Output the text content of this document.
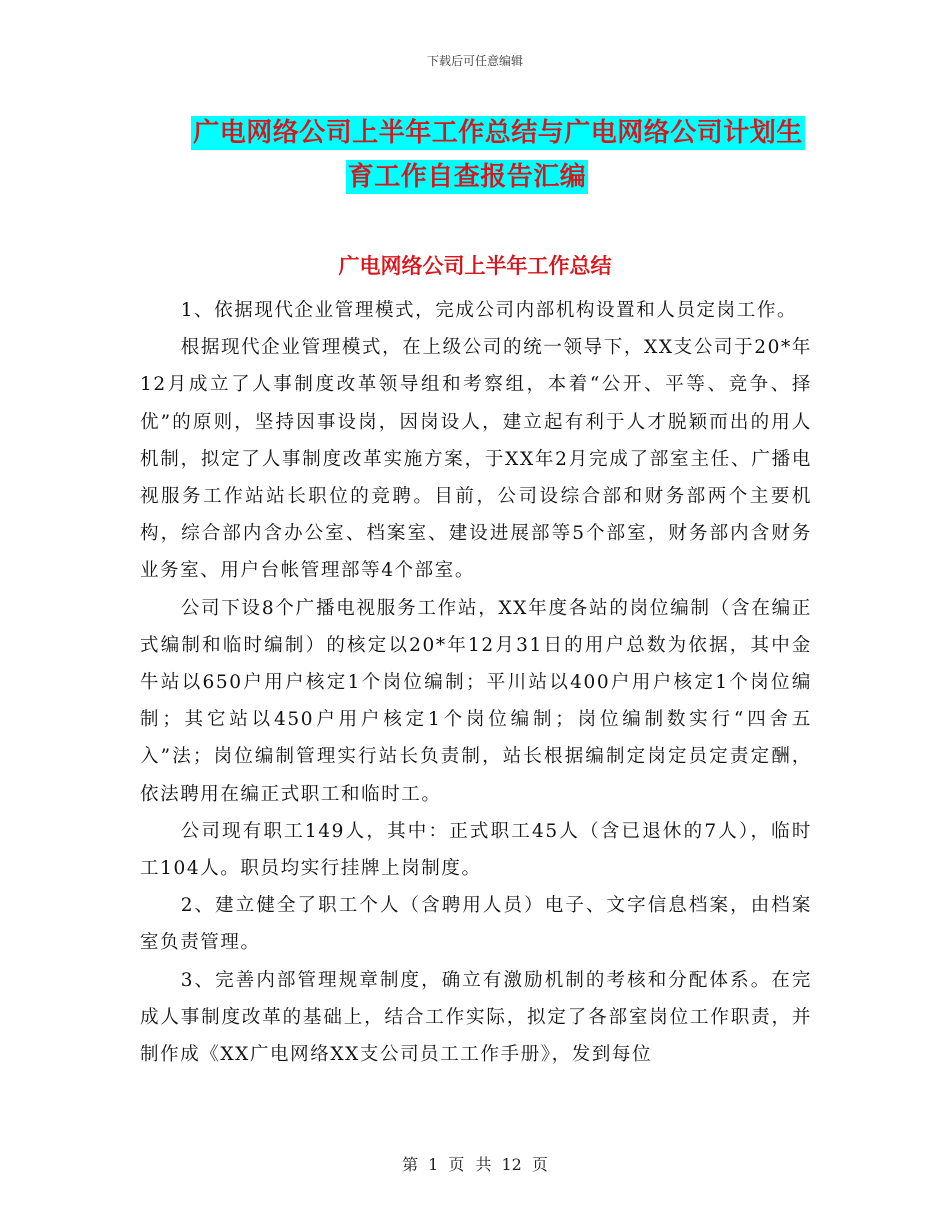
下载后可任意编辑
广电网络公司上半年工作总结与广电网络公司计划生
育工作自查报告汇编
广电网络公司上半年工作总结

1、依据现代企业管理模式，完成公司内部机构设置和人员定岗工作。

根据现代企业管理模式，在上级公司的统一领导下，XX支公司于20*年12月成立了人事制度改革领导组和考察组，本着“公开、平等、竞争、择优”的原则，坚持因事设岗，因岗设人，建立起有利于人才脱颖而出的用人机制，拟定了人事制度改革实施方案，于XX年2月完成了部室主任、广播电视服务工作站站长职位的竞聘。目前，公司设综合部和财务部两个主要机构，综合部内含办公室、档案室、建设进展部等5个部室，财务部内含财务业务室、用户台帐管理部等4个部室。

公司下设8个广播电视服务工作站，XX年度各站的岗位编制（含在编正式编制和临时编制）的核定以20*年12月31日的用户总数为依据，其中金牛站以650户用户核定1个岗位编制；平川站以400户用户核定1个岗位编制；其它站以450户用户核定1个岗位编制；岗位编制数实行“四舍五入”法；岗位编制管理实行站长负责制，站长根据编制定岗定员定责定酬，依法聘用在编正式职工和临时工。

公司现有职工149人，其中：正式职工45人（含已退休的7人），临时工104人。职员均实行挂牌上岗制度。

2、建立健全了职工个人（含聘用人员）电子、文字信息档案，由档案室负责管理。

3、完善内部管理规章制度，确立有激励机制的考核和分配体系。在完成人事制度改革的基础上，结合工作实际，拟定了各部室岗位工作职责，并制作成《XX广电网络XX支公司员工工作手册》，发到每位

第 1 页 共 12 页
